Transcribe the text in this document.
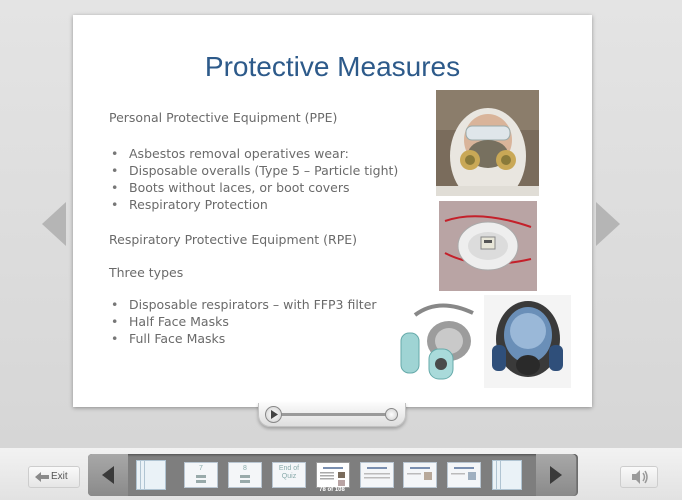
Protective Measures
Personal Protective Equipment (PPE)
• Asbestos removal operatives wear:
• Disposable overalls (Type 5 – Particle tight)
• Boots without laces, or boot covers
• Respiratory Protection
Respiratory Protective Equipment (RPE)
Three types
• Disposable respirators – with FFP3 filter
• Half Face Masks
• Full Face Masks
Exit
7	8	End of Quiz
78 of 108
